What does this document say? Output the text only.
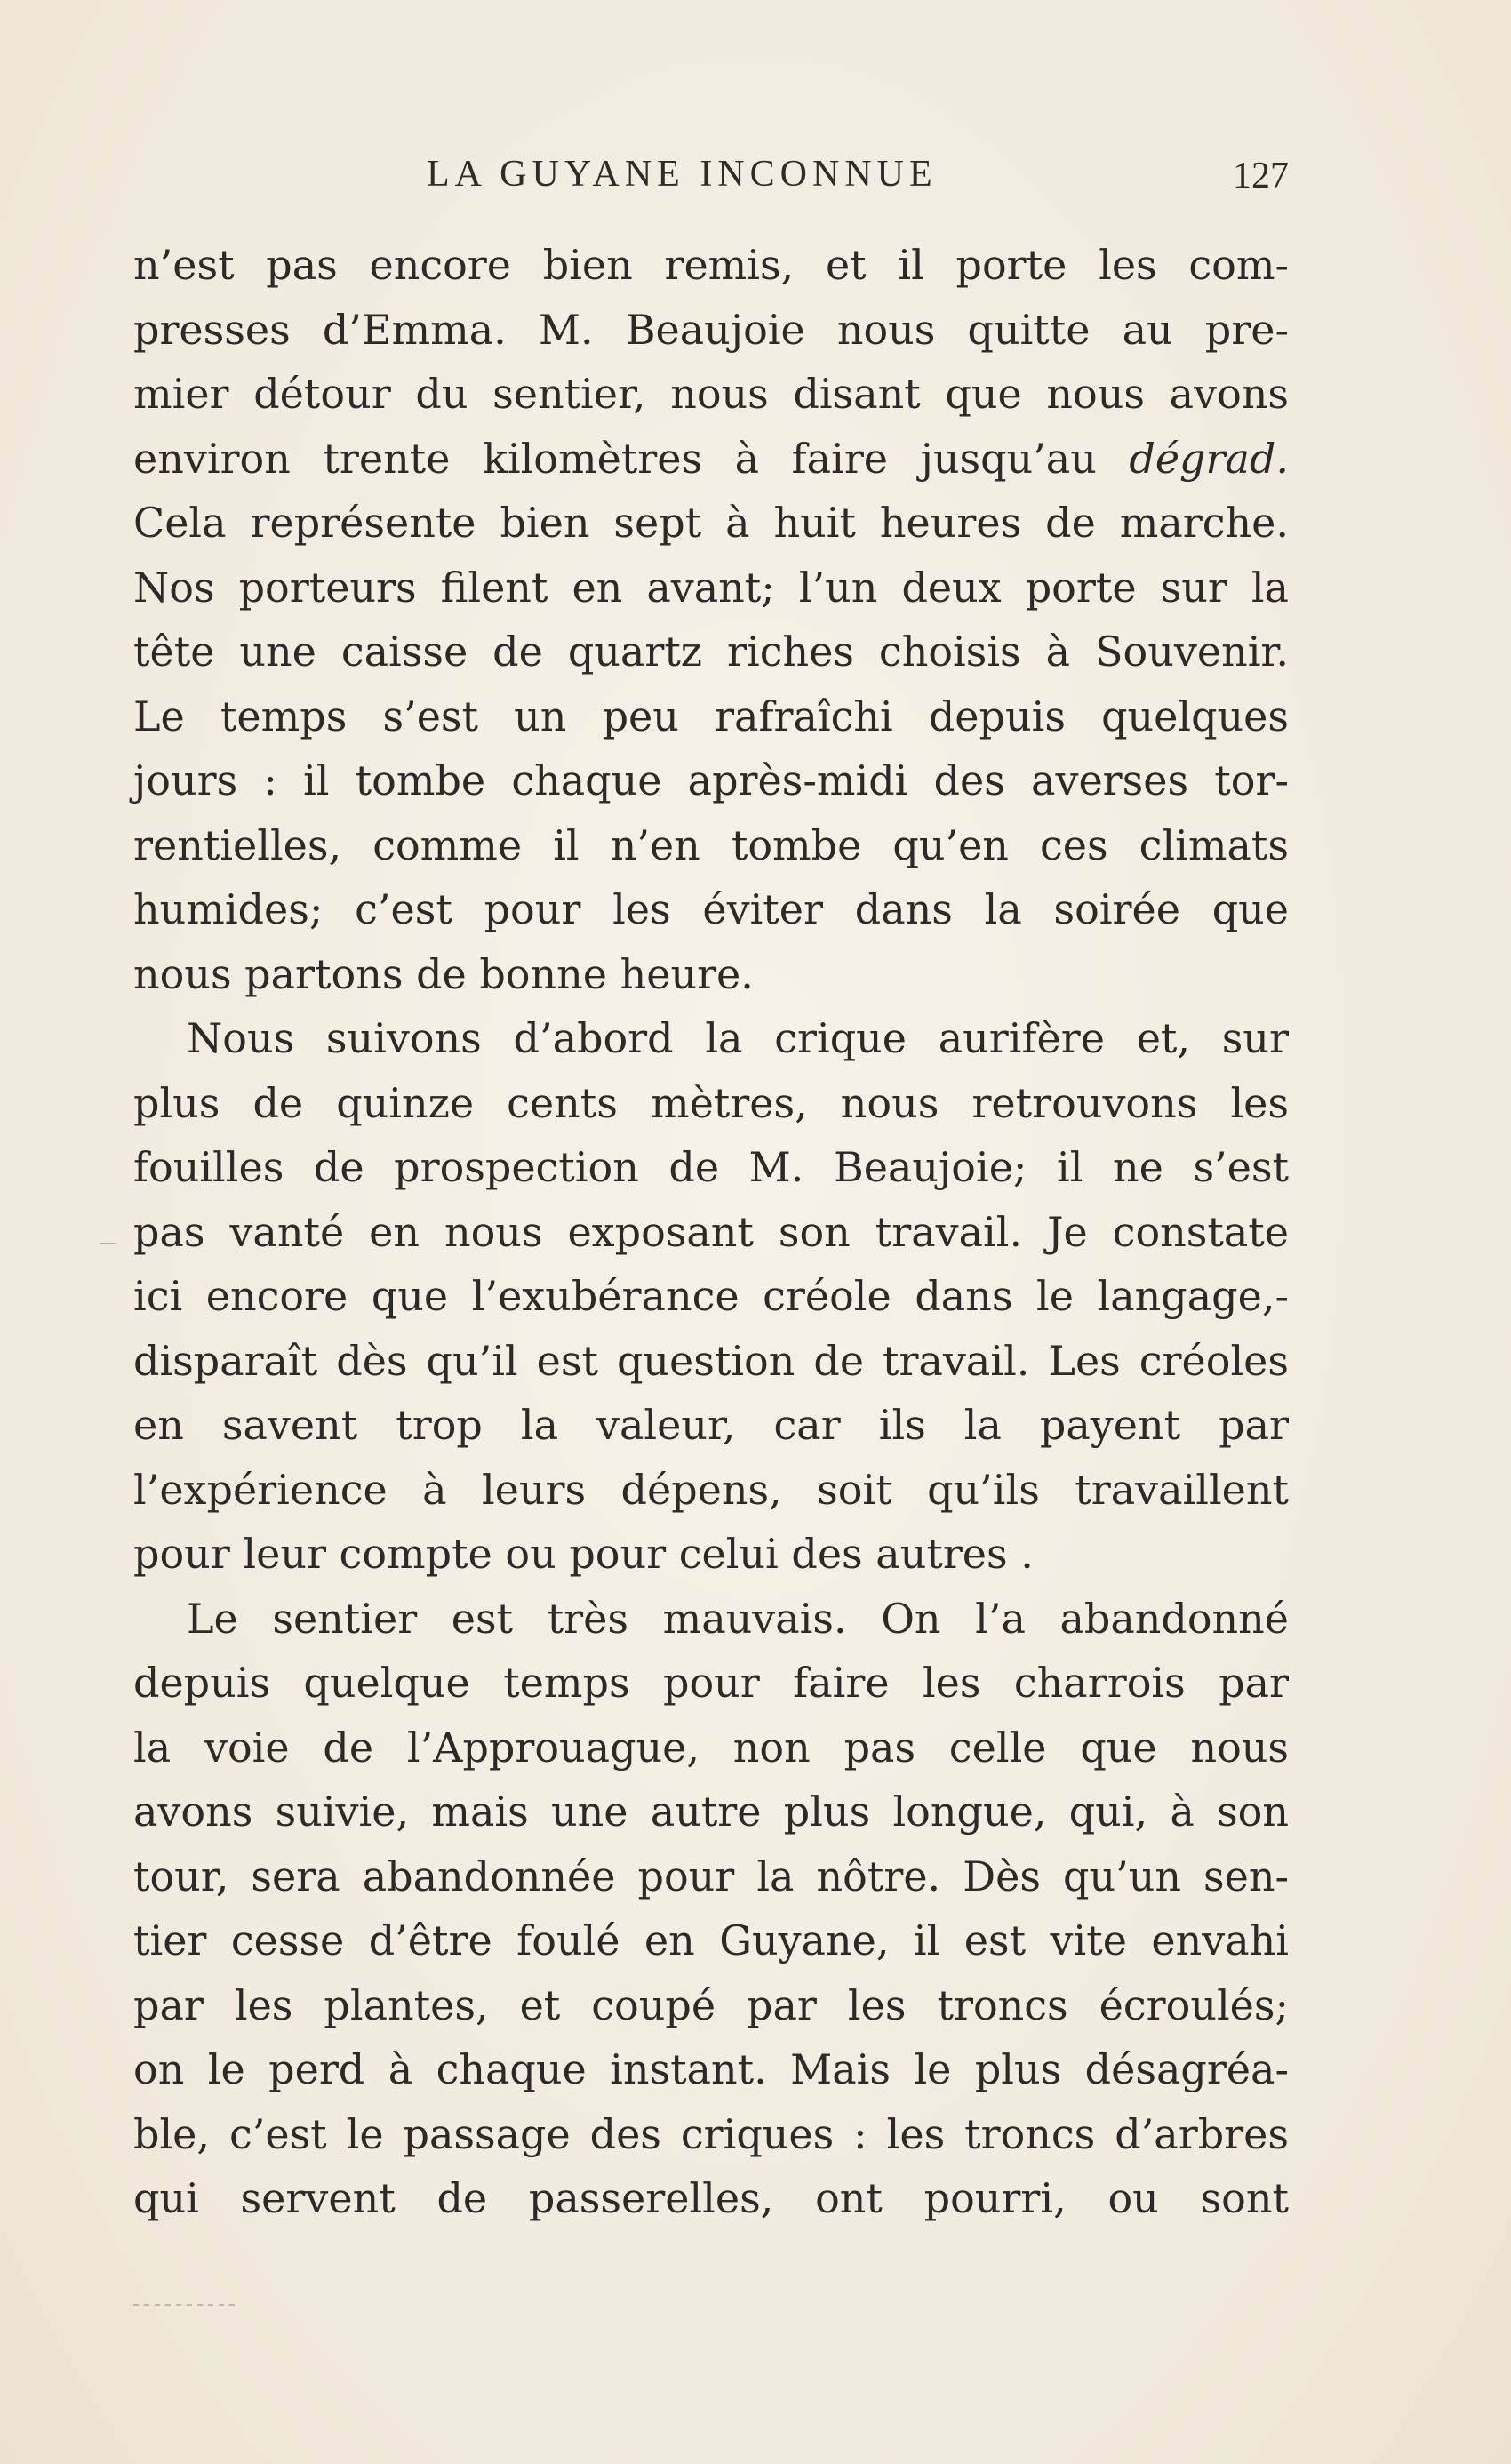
LA GUYANE INCONNUE	127
n’est pas encore bien remis, et il porte les com-
presses d’Emma. M. Beaujoie nous quitte au pre-
mier détour du sentier, nous disant que nous avons
environ trente kilomètres à faire jusqu’au dégrad.
Cela représente bien sept à huit heures de marche.
Nos porteurs filent en avant; l’un deux porte sur la
tête une caisse de quartz riches choisis à Souvenir.
Le temps s’est un peu rafraîchi depuis quelques
jours : il tombe chaque après-midi des averses tor-
rentielles, comme il n’en tombe qu’en ces climats
humides; c’est pour les éviter dans la soirée que
nous partons de bonne heure.
Nous suivons d’abord la crique aurifère et, sur
plus de quinze cents mètres, nous retrouvons les
fouilles de prospection de M. Beaujoie; il ne s’est
pas vanté en nous exposant son travail. Je constate
ici encore que l’exubérance créole dans le langage,-
disparaît dès qu’il est question de travail. Les créoles
en savent trop la valeur, car ils la payent par
l’expérience à leurs dépens, soit qu’ils travaillent
pour leur compte ou pour celui des autres .
Le sentier est très mauvais. On l’a abandonné
depuis quelque temps pour faire les charrois par
la voie de l’Approuague, non pas celle que nous
avons suivie, mais une autre plus longue, qui, à son
tour, sera abandonnée pour la nôtre. Dès qu’un sen-
tier cesse d’être foulé en Guyane, il est vite envahi
par les plantes, et coupé par les troncs écroulés;
on le perd à chaque instant. Mais le plus désagréa-
ble, c’est le passage des criques : les troncs d’arbres
qui servent de passerelles, ont pourri, ou sont
